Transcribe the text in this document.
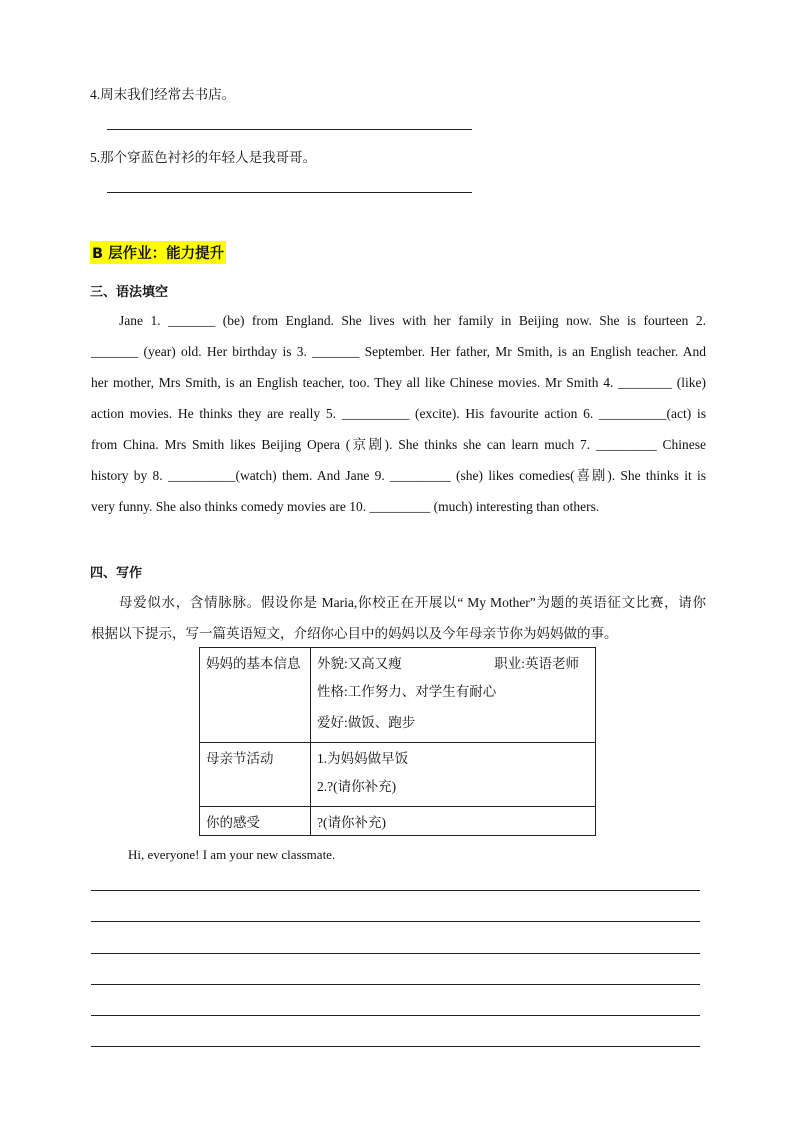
4.周末我们经常去书店。
5.那个穿蓝色衬衫的年轻人是我哥哥。
B 层作业：能力提升
三、语法填空

Jane 1. _______ (be) from England. She lives with her family in Beijing now. She is fourteen 2.

_______ (year) old. Her birthday is 3. _______ September. Her father, Mr Smith, is an English teacher. And

her mother, Mrs Smith, is an English teacher, too. They all like Chinese movies. Mr Smith 4. ________ (like)

action movies. He thinks they are really 5. __________ (excite). His favourite action 6. __________(act) is

from China. Mrs Smith likes Beijing Opera (京剧). She thinks she can learn much 7. _________ Chinese

history by 8. __________(watch) them. And Jane 9. _________ (she) likes comedies(喜剧). She thinks it is

very funny. She also thinks comedy movies are 10. _________ (much) interesting than others.

四、写作

母爱似水，含情脉脉。假设你是 Maria,你校正在开展以“ My Mother”为题的英语征文比赛，请你

根据以下提示，写一篇英语短文，介绍你心目中的妈妈以及今年母亲节你为妈妈做的事。

妈妈的基本信息	外貌:又高又瘦 职业:英语老师
性格:工作努力、对学生有耐心
爱好:做饭、跑步

母亲节活动	1.为妈妈做早饭
2.?(请你补充)

你的感受	?(请你补充)
Hi, everyone! I am your new classmate.
